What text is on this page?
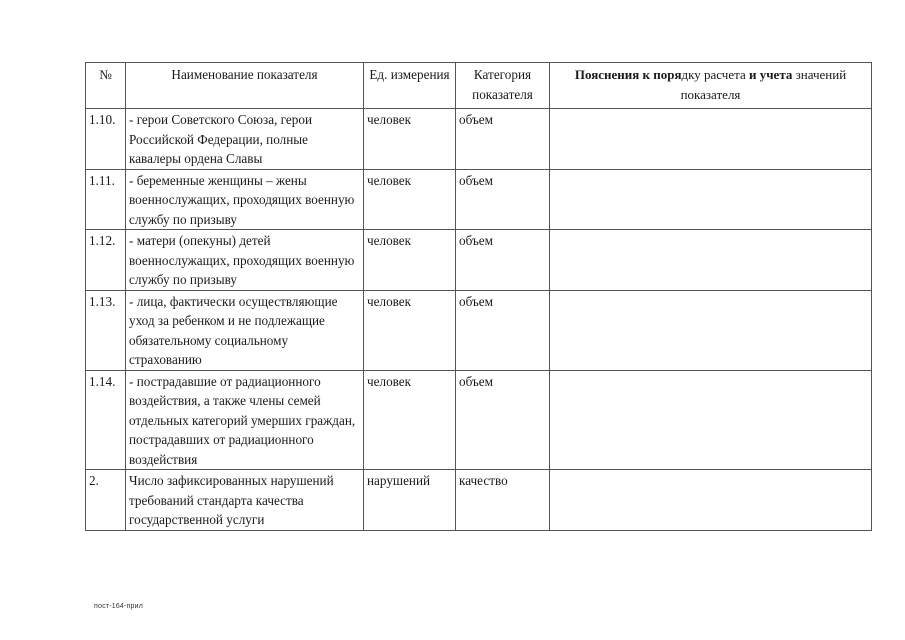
№	Наименование показателя	Ед. измерения	Категория показателя	Пояснения к порядку расчета и учета значений показателя
1.10.	- герои Советского Союза, герои Российской Федерации, полные кавалеры ордена Славы	человек	объем	
1.11.	- беременные женщины – жены военнослужащих, проходящих военную службу по призыву	человек	объем	
1.12.	- матери (опекуны) детей военнослужащих, проходящих военную службу по призыву	человек	объем	
1.13.	- лица, фактически осуществляющие уход за ребенком и не подлежащие обязательному социальному страхованию	человек	объем	
1.14.	- пострадавшие от радиационного воздействия, а также члены семей отдельных категорий умерших граждан, пострадавших от радиационного воздействия	человек	объем	
2.	Число зафиксированных нарушений требований стандарта качества государственной услуги	нарушений	качество	
пост-164-прил
